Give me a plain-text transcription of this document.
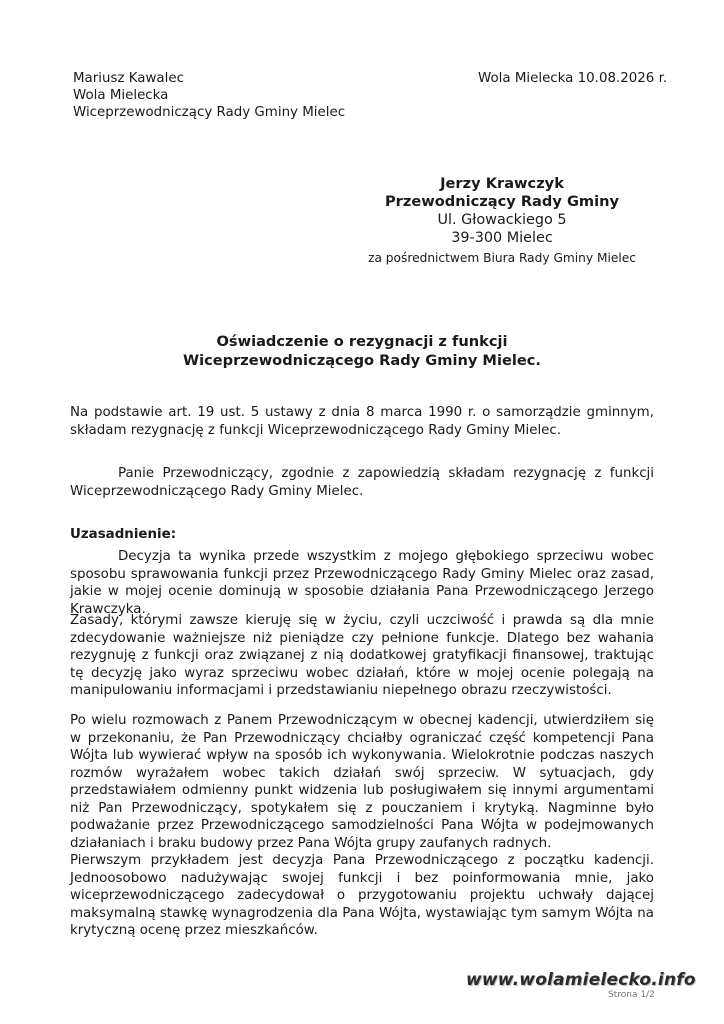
Mariusz Kawalec
Wola Mielecka
Wiceprzewodniczący Rady Gminy Mielec
Wola Mielecka 10.08.2026 r.
Jerzy Krawczyk
Przewodniczący Rady Gminy
Ul. Głowackiego 5
39-300 Mielec
za pośrednictwem Biura Rady Gminy Mielec
Oświadczenie o rezygnacji z funkcji
Wiceprzewodniczącego Rady Gminy Mielec.
Na podstawie art. 19 ust. 5 ustawy z dnia 8 marca 1990 r. o samorządzie gminnym, składam rezygnację z funkcji Wiceprzewodniczącego Rady Gminy Mielec.
Panie Przewodniczący, zgodnie z zapowiedzią składam rezygnację z funkcji Wiceprzewodniczącego Rady Gminy Mielec.
Uzasadnienie:
Decyzja ta wynika przede wszystkim z mojego głębokiego sprzeciwu wobec sposobu sprawowania funkcji przez Przewodniczącego Rady Gminy Mielec oraz zasad, jakie w mojej ocenie dominują w sposobie działania Pana Przewodniczącego Jerzego Krawczyka.
Zasady, którymi zawsze kieruję się w życiu, czyli uczciwość i prawda są dla mnie zdecydowanie ważniejsze niż pieniądze czy pełnione funkcje. Dlatego bez wahania rezygnuję z funkcji oraz związanej z nią dodatkowej gratyfikacji finansowej, traktując tę decyzję jako wyraz sprzeciwu wobec działań, które w mojej ocenie polegają na manipulowaniu informacjami i przedstawianiu niepełnego obrazu rzeczywistości.
Po wielu rozmowach z Panem Przewodniczącym w obecnej kadencji, utwierdziłem się w przekonaniu, że Pan Przewodniczący chciałby ograniczać część kompetencji Pana Wójta lub wywierać wpływ na sposób ich wykonywania. Wielokrotnie podczas naszych rozmów wyrażałem wobec takich działań swój sprzeciw. W sytuacjach, gdy przedstawiałem odmienny punkt widzenia lub posługiwałem się innymi argumentami niż Pan Przewodniczący, spotykałem się z pouczaniem i krytyką. Nagminne było podważanie przez Przewodniczącego samodzielności Pana Wójta w podejmowanych działaniach i braku budowy przez Pana Wójta grupy zaufanych radnych.
Pierwszym przykładem jest decyzja Pana Przewodniczącego z początku kadencji. Jednoosobowo nadużywając swojej funkcji i bez poinformowania mnie, jako wiceprzewodniczącego zadecydował o przygotowaniu projektu uchwały dającej maksymalną stawkę wynagrodzenia dla Pana Wójta, wystawiając tym samym Wójta na krytyczną ocenę przez mieszkańców.
Strona 1/2
www.wolamielecko.info
